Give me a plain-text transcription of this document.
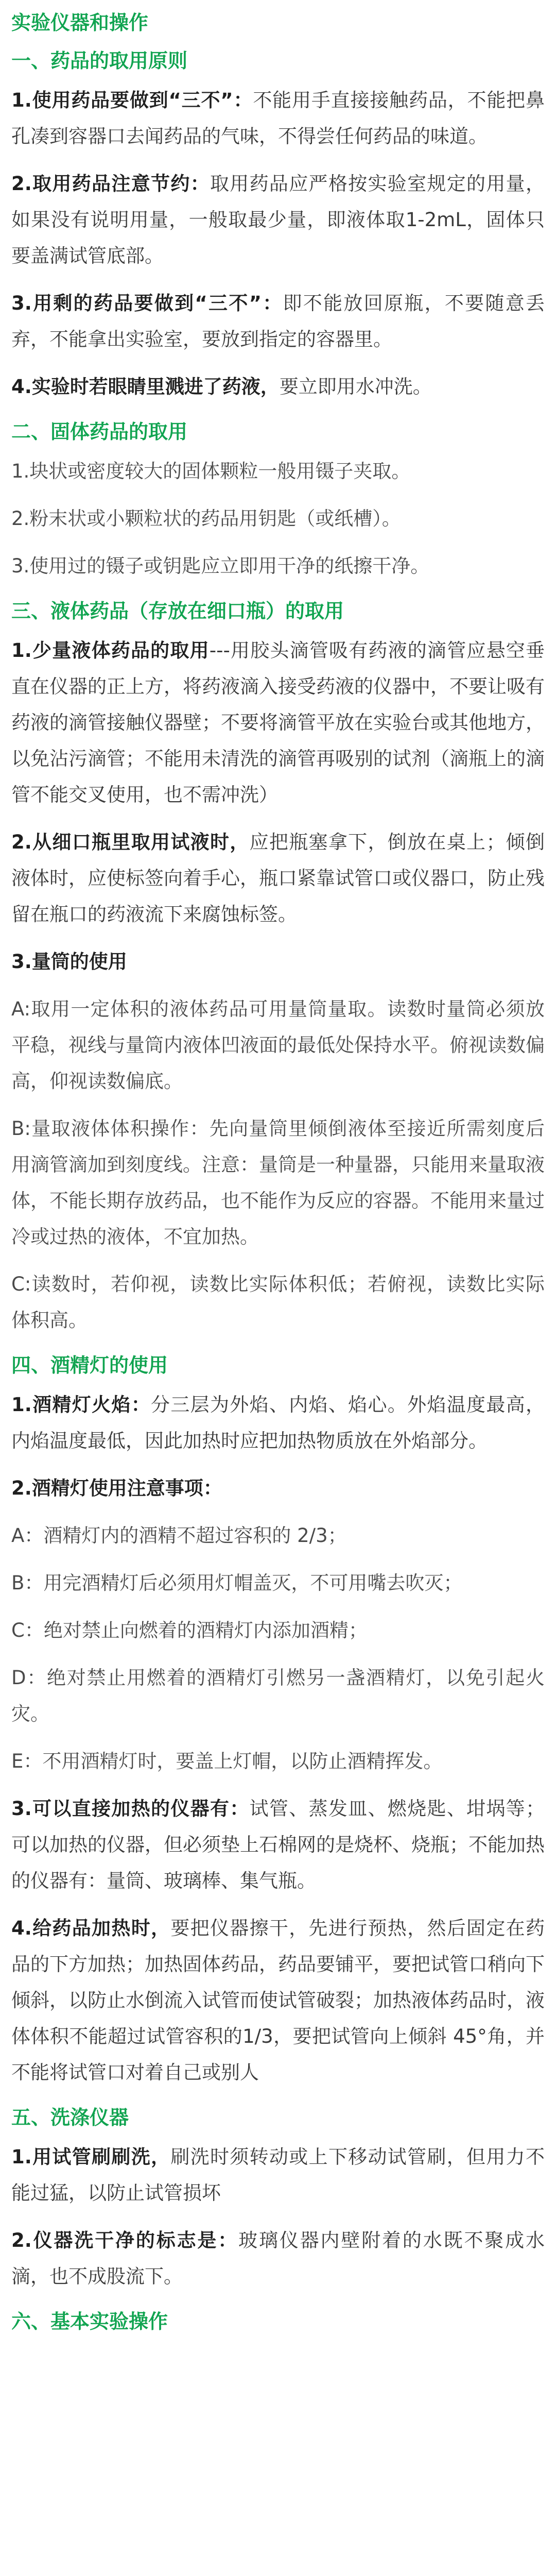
实验仪器和操作
一、药品的取用原则
1.使用药品要做到“三不”：不能用手直接接触药品，不能把鼻孔凑到容器口去闻药品的气味，不得尝任何药品的味道。
2.取用药品注意节约：取用药品应严格按实验室规定的用量，如果没有说明用量，一般取最少量，即液体取1-2mL，固体只要盖满试管底部。
3.用剩的药品要做到“三不”：即不能放回原瓶，不要随意丢弃，不能拿出实验室，要放到指定的容器里。
4.实验时若眼睛里溅进了药液，要立即用水冲洗。
二、固体药品的取用
1.块状或密度较大的固体颗粒一般用镊子夹取。
2.粉末状或小颗粒状的药品用钥匙（或纸槽）。
3.使用过的镊子或钥匙应立即用干净的纸擦干净。
三、液体药品（存放在细口瓶）的取用
1.少量液体药品的取用---用胶头滴管吸有药液的滴管应悬空垂直在仪器的正上方，将药液滴入接受药液的仪器中，不要让吸有药液的滴管接触仪器壁；不要将滴管平放在实验台或其他地方，以免沾污滴管；不能用未清洗的滴管再吸别的试剂（滴瓶上的滴管不能交叉使用，也不需冲洗）
2.从细口瓶里取用试液时，应把瓶塞拿下，倒放在桌上；倾倒液体时，应使标签向着手心，瓶口紧靠试管口或仪器口，防止残留在瓶口的药液流下来腐蚀标签。
3.量筒的使用
A:取用一定体积的液体药品可用量筒量取。读数时量筒必须放平稳，视线与量筒内液体凹液面的最低处保持水平。俯视读数偏高，仰视读数偏底。
B:量取液体体积操作：先向量筒里倾倒液体至接近所需刻度后用滴管滴加到刻度线。注意：量筒是一种量器，只能用来量取液体，不能长期存放药品，也不能作为反应的容器。不能用来量过冷或过热的液体，不宜加热。
C:读数时，若仰视，读数比实际体积低；若俯视，读数比实际体积高。
四、酒精灯的使用
1.酒精灯火焰：分三层为外焰、内焰、焰心。外焰温度最高，内焰温度最低，因此加热时应把加热物质放在外焰部分。
2.酒精灯使用注意事项：
A：酒精灯内的酒精不超过容积的 2/3；
B：用完酒精灯后必须用灯帽盖灭，不可用嘴去吹灭；
C：绝对禁止向燃着的酒精灯内添加酒精；
D：绝对禁止用燃着的酒精灯引燃另一盏酒精灯，以免引起火灾。
E：不用酒精灯时，要盖上灯帽，以防止酒精挥发。
3.可以直接加热的仪器有：试管、蒸发皿、燃烧匙、坩埚等；可以加热的仪器，但必须垫上石棉网的是烧杯、烧瓶；不能加热的仪器有：量筒、玻璃棒、集气瓶。
4.给药品加热时，要把仪器擦干，先进行预热，然后固定在药品的下方加热；加热固体药品，药品要铺平，要把试管口稍向下倾斜，以防止水倒流入试管而使试管破裂；加热液体药品时，液体体积不能超过试管容积的1/3，要把试管向上倾斜 45°角，并不能将试管口对着自己或别人
五、洗涤仪器
1.用试管刷刷洗，刷洗时须转动或上下移动试管刷，但用力不能过猛，以防止试管损坏
2.仪器洗干净的标志是：玻璃仪器内壁附着的水既不聚成水滴，也不成股流下。
六、基本实验操作
